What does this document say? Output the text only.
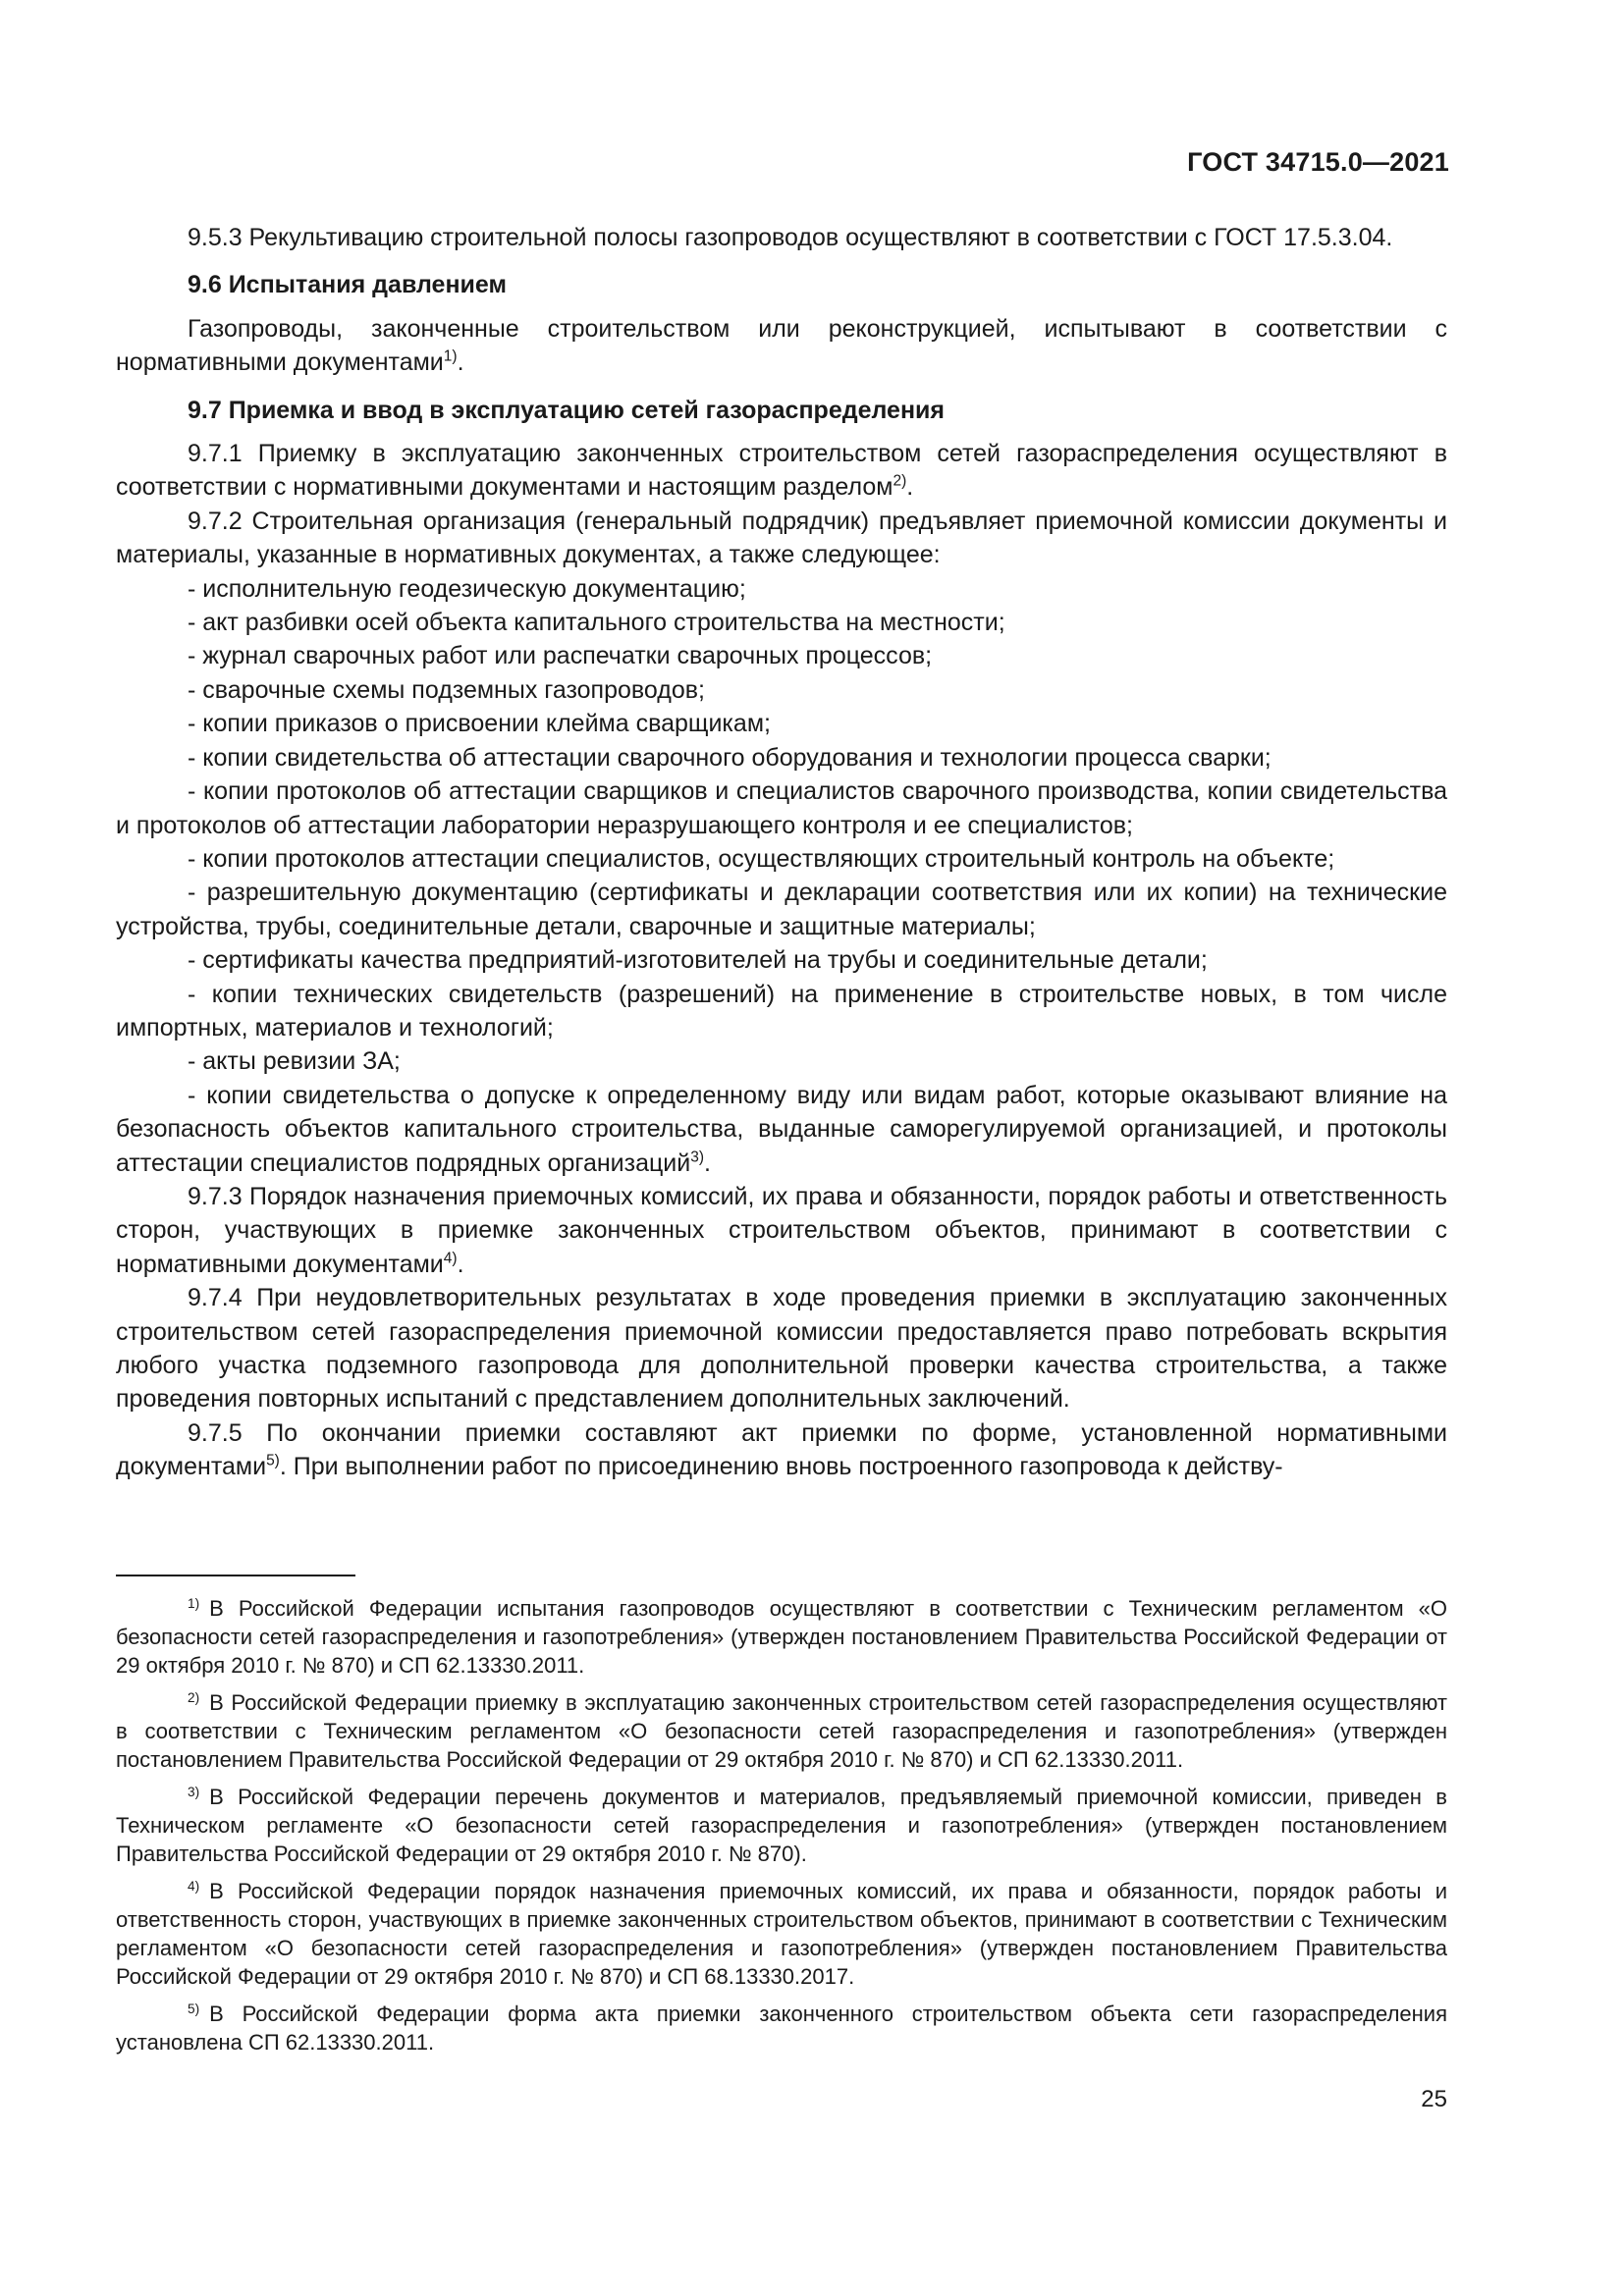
ГОСТ 34715.0—2021

9.5.3 Рекультивацию строительной полосы газопроводов осуществляют в соответствии с ГОСТ 17.5.3.04.

9.6 Испытания давлением

Газопроводы, законченные строительством или реконструкцией, испытывают в соответствии с нормативными документами$^{1)}$.

9.7 Приемка и ввод в эксплуатацию сетей газораспределения

9.7.1 Приемку в эксплуатацию законченных строительством сетей газораспределения осуществляют в соответствии с нормативными документами и настоящим разделом$^{2)}$.

9.7.2 Строительная организация (генеральный подрядчик) предъявляет приемочной комиссии документы и материалы, указанные в нормативных документах, а также следующее:

- исполнительную геодезическую документацию;

- акт разбивки осей объекта капитального строительства на местности;

- журнал сварочных работ или распечатки сварочных процессов;

- сварочные схемы подземных газопроводов;

- копии приказов о присвоении клейма сварщикам;

- копии свидетельства об аттестации сварочного оборудования и технологии процесса сварки;

- копии протоколов об аттестации сварщиков и специалистов сварочного производства, копии свидетельства и протоколов об аттестации лаборатории неразрушающего контроля и ее специалистов;

- копии протоколов аттестации специалистов, осуществляющих строительный контроль на объекте;

- разрешительную документацию (сертификаты и декларации соответствия или их копии) на технические устройства, трубы, соединительные детали, сварочные и защитные материалы;

- сертификаты качества предприятий-изготовителей на трубы и соединительные детали;

- копии технических свидетельств (разрешений) на применение в строительстве новых, в том числе импортных, материалов и технологий;

- акты ревизии ЗА;

- копии свидетельства о допуске к определенному виду или видам работ, которые оказывают влияние на безопасность объектов капитального строительства, выданные саморегулируемой организацией, и протоколы аттестации специалистов подрядных организаций$^{3)}$.

9.7.3 Порядок назначения приемочных комиссий, их права и обязанности, порядок работы и ответственность сторон, участвующих в приемке законченных строительством объектов, принимают в соответствии с нормативными документами$^{4)}$.

9.7.4 При неудовлетворительных результатах в ходе проведения приемки в эксплуатацию законченных строительством сетей газораспределения приемочной комиссии предоставляется право потребовать вскрытия любого участка подземного газопровода для дополнительной проверки качества строительства, а также проведения повторных испытаний с представлением дополнительных заключений.

9.7.5 По окончании приемки составляют акт приемки по форме, установленной нормативными документами$^{5)}$. При выполнении работ по присоединению вновь построенного газопровода к действу-

$^{1)}$ В Российской Федерации испытания газопроводов осуществляют в соответствии с Техническим регламентом «О безопасности сетей газораспределения и газопотребления» (утвержден постановлением Правительства Российской Федерации от 29 октября 2010 г. № 870) и СП 62.13330.2011.

$^{2)}$ В Российской Федерации приемку в эксплуатацию законченных строительством сетей газораспределения осуществляют в соответствии с Техническим регламентом «О безопасности сетей газораспределения и газопотребления» (утвержден постановлением Правительства Российской Федерации от 29 октября 2010 г. № 870) и СП 62.13330.2011.

$^{3)}$ В Российской Федерации перечень документов и материалов, предъявляемый приемочной комиссии, приведен в Техническом регламенте «О безопасности сетей газораспределения и газопотребления» (утвержден постановлением Правительства Российской Федерации от 29 октября 2010 г. № 870).

$^{4)}$ В Российской Федерации порядок назначения приемочных комиссий, их права и обязанности, порядок работы и ответственность сторон, участвующих в приемке законченных строительством объектов, принимают в соответствии с Техническим регламентом «О безопасности сетей газораспределения и газопотребления» (утвержден постановлением Правительства Российской Федерации от 29 октября 2010 г. № 870) и СП 68.13330.2017.

$^{5)}$ В Российской Федерации форма акта приемки законченного строительством объекта сети газораспределения установлена СП 62.13330.2011.

25
